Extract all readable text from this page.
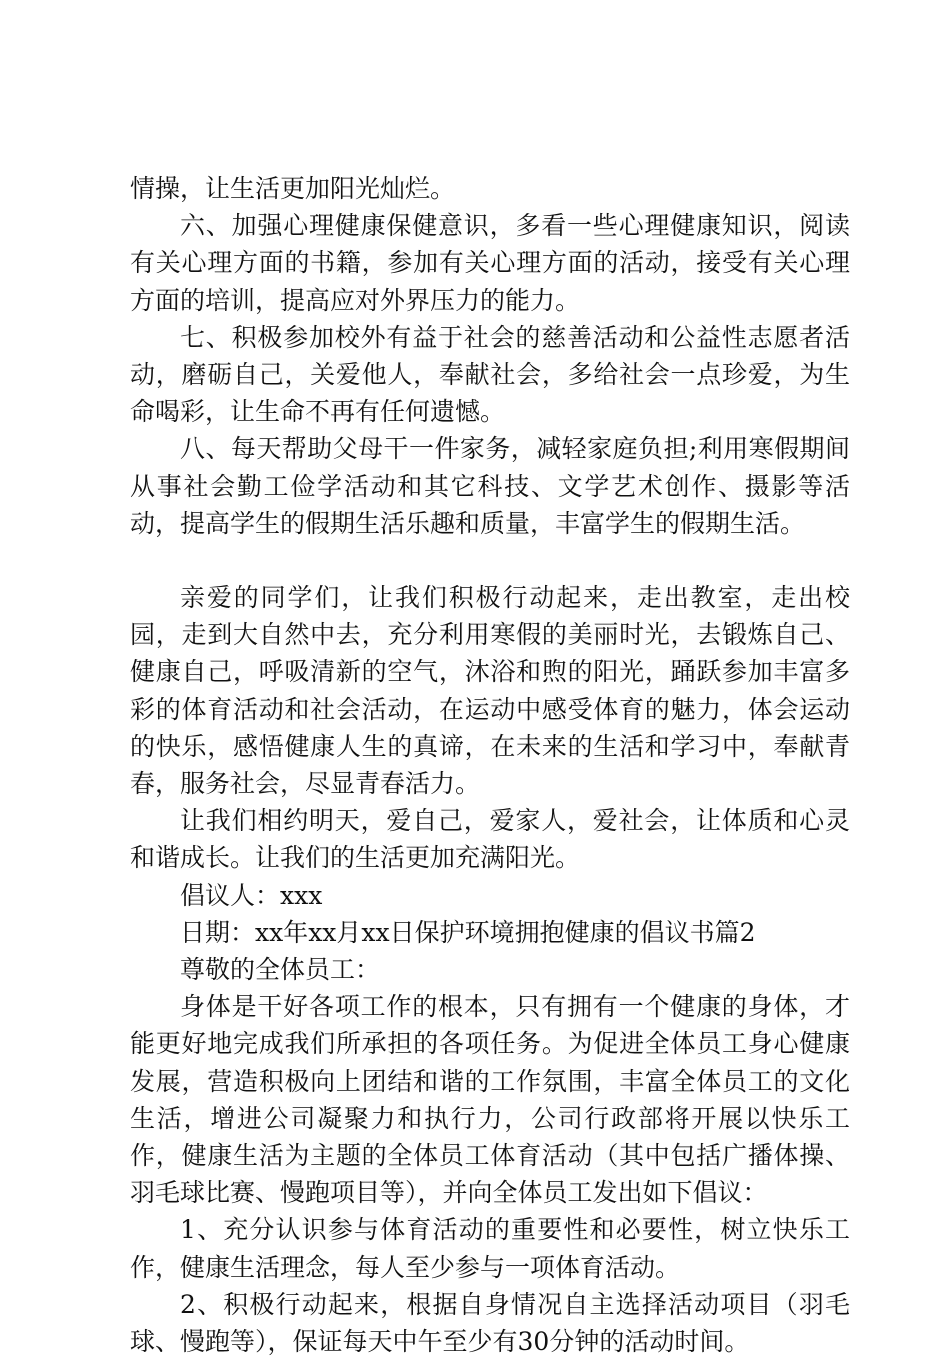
情操，让生活更加阳光灿烂。

六、加强心理健康保健意识，多看一些心理健康知识，阅读有关心理方面的书籍，参加有关心理方面的活动，接受有关心理方面的培训，提高应对外界压力的能力。

七、积极参加校外有益于社会的慈善活动和公益性志愿者活动，磨砺自己，关爱他人，奉献社会，多给社会一点珍爱，为生命喝彩，让生命不再有任何遗憾。

八、每天帮助父母干一件家务，减轻家庭负担;利用寒假期间从事社会勤工俭学活动和其它科技、文学艺术创作、摄影等活动，提高学生的假期生活乐趣和质量，丰富学生的假期生活。

亲爱的同学们，让我们积极行动起来，走出教室，走出校园，走到大自然中去，充分利用寒假的美丽时光，去锻炼自己、健康自己，呼吸清新的空气，沐浴和煦的阳光，踊跃参加丰富多彩的体育活动和社会活动，在运动中感受体育的魅力，体会运动的快乐，感悟健康人生的真谛，在未来的生活和学习中，奉献青春，服务社会，尽显青春活力。

让我们相约明天，爱自己，爱家人，爱社会，让体质和心灵和谐成长。让我们的生活更加充满阳光。

倡议人：xxx

日期：xx年xx月xx日保护环境拥抱健康的倡议书篇2

尊敬的全体员工：

身体是干好各项工作的根本，只有拥有一个健康的身体，才能更好地完成我们所承担的各项任务。为促进全体员工身心健康发展，营造积极向上团结和谐的工作氛围，丰富全体员工的文化生活，增进公司凝聚力和执行力，公司行政部将开展以快乐工作，健康生活为主题的全体员工体育活动（其中包括广播体操、羽毛球比赛、慢跑项目等），并向全体员工发出如下倡议：

1、充分认识参与体育活动的重要性和必要性，树立快乐工作，健康生活理念，每人至少参与一项体育活动。

2、积极行动起来，根据自身情况自主选择活动项目（羽毛球、慢跑等），保证每天中午至少有30分钟的活动时间。
